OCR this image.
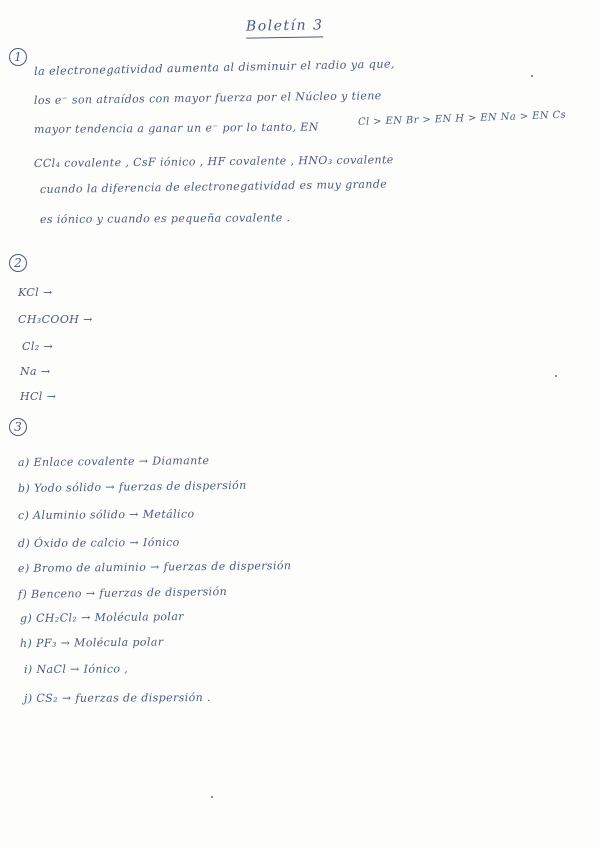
Boletín 3
1
la electronegatividad aumenta al disminuir el radio ya que,
los e⁻ son atraídos con mayor fuerza por el Núcleo y tiene
mayor tendencia a ganar un e⁻ por lo tanto, EN
Cl > EN Br > EN H > EN Na > EN Cs
CCl₄ covalente , CsF iónico , HF covalente , HNO₃ covalente
cuando la diferencia de electronegatividad es muy grande
es iónico y cuando es pequeña covalente .
2
KCl →
CH₃COOH →
Cl₂ →
Na →
HCl →
3
a) Enlace covalente → Diamante
b) Yodo sólido → fuerzas de dispersión
c) Aluminio sólido → Metálico
d) Óxido de calcio → Iónico
e) Bromo de aluminio → fuerzas de dispersión
f) Benceno → fuerzas de dispersión
g) CH₂Cl₂ → Molécula polar
h) PF₃ → Molécula polar
i) NaCl → Iónico ,
j) CS₂ → fuerzas de dispersión .
